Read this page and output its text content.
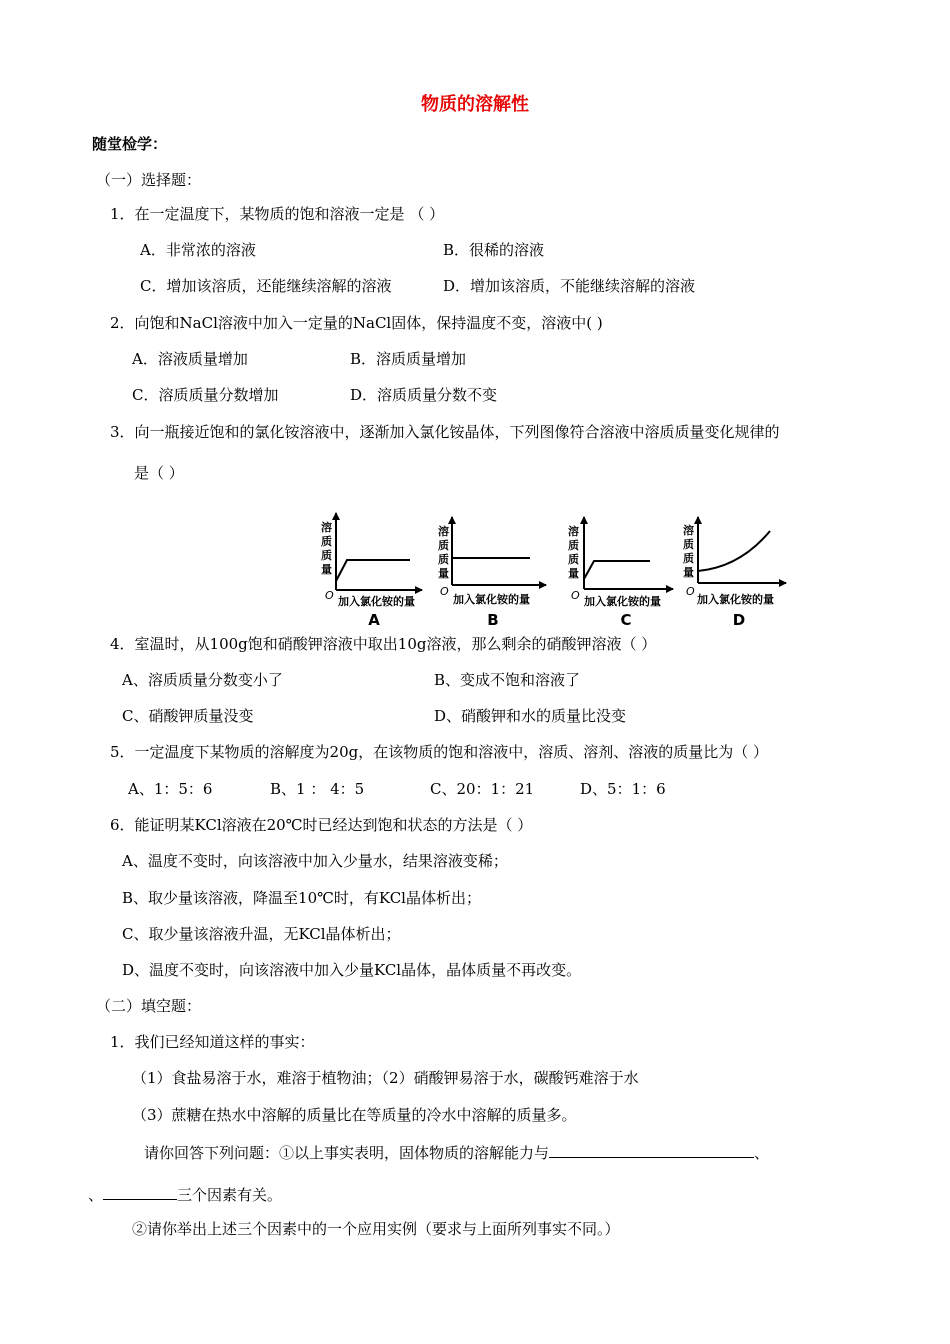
物质的溶解性
随堂检学：
（一）选择题：
1．在一定温度下，某物质的饱和溶液一定是 （ ）
A．非常浓的溶液	B．很稀的溶液
C．增加该溶质，还能继续溶解的溶液	D．增加该溶质，不能继续溶解的溶液
2．向饱和NaCl溶液中加入一定量的NaCl固体，保持温度不变，溶液中( )
A．溶液质量增加	B．溶质质量增加
C．溶质质量分数增加	D．溶质质量分数不变
3．向一瓶接近饱和的氯化铵溶液中，逐渐加入氯化铵晶体，下列图像符合溶液中溶质质量变化规律的
是（ ）
溶
质
质
量
O 加入氯化铵的量
A
溶
质
质
量
O
加入氯化铵的量
B
溶
质
质
量
O 加入氯化铵的量
C
溶
质
质
量
O
加入氯化铵的量
D
4．室温时，从100g饱和硝酸钾溶液中取出10g溶液，那么剩余的硝酸钾溶液（ ）
A、溶质质量分数变小了	B、变成不饱和溶液了
C、硝酸钾质量没变	D、硝酸钾和水的质量比没变
5．一定温度下某物质的溶解度为20g，在该物质的饱和溶液中，溶质、溶剂、溶液的质量比为（ ）
A、1：5：6	B、1 ： 4：5	C、20：1：21	D、5：1：6
6．能证明某KCl溶液在20℃时已经达到饱和状态的方法是（ ）
A、温度不变时，向该溶液中加入少量水，结果溶液变稀；
B、取少量该溶液，降温至10℃时，有KCl晶体析出；
C、取少量该溶液升温，无KCl晶体析出；
D、温度不变时，向该溶液中加入少量KCl晶体，晶体质量不再改变。
（二）填空题：
1．我们已经知道这样的事实：
（1）食盐易溶于水，难溶于植物油；（2）硝酸钾易溶于水，碳酸钙难溶于水
（3）蔗糖在热水中溶解的质量比在等质量的冷水中溶解的质量多。
请你回答下列问题：①以上事实表明，固体物质的溶解能力与	、
、	三个因素有关。
②请你举出上述三个因素中的一个应用实例（要求与上面所列事实不同。）
